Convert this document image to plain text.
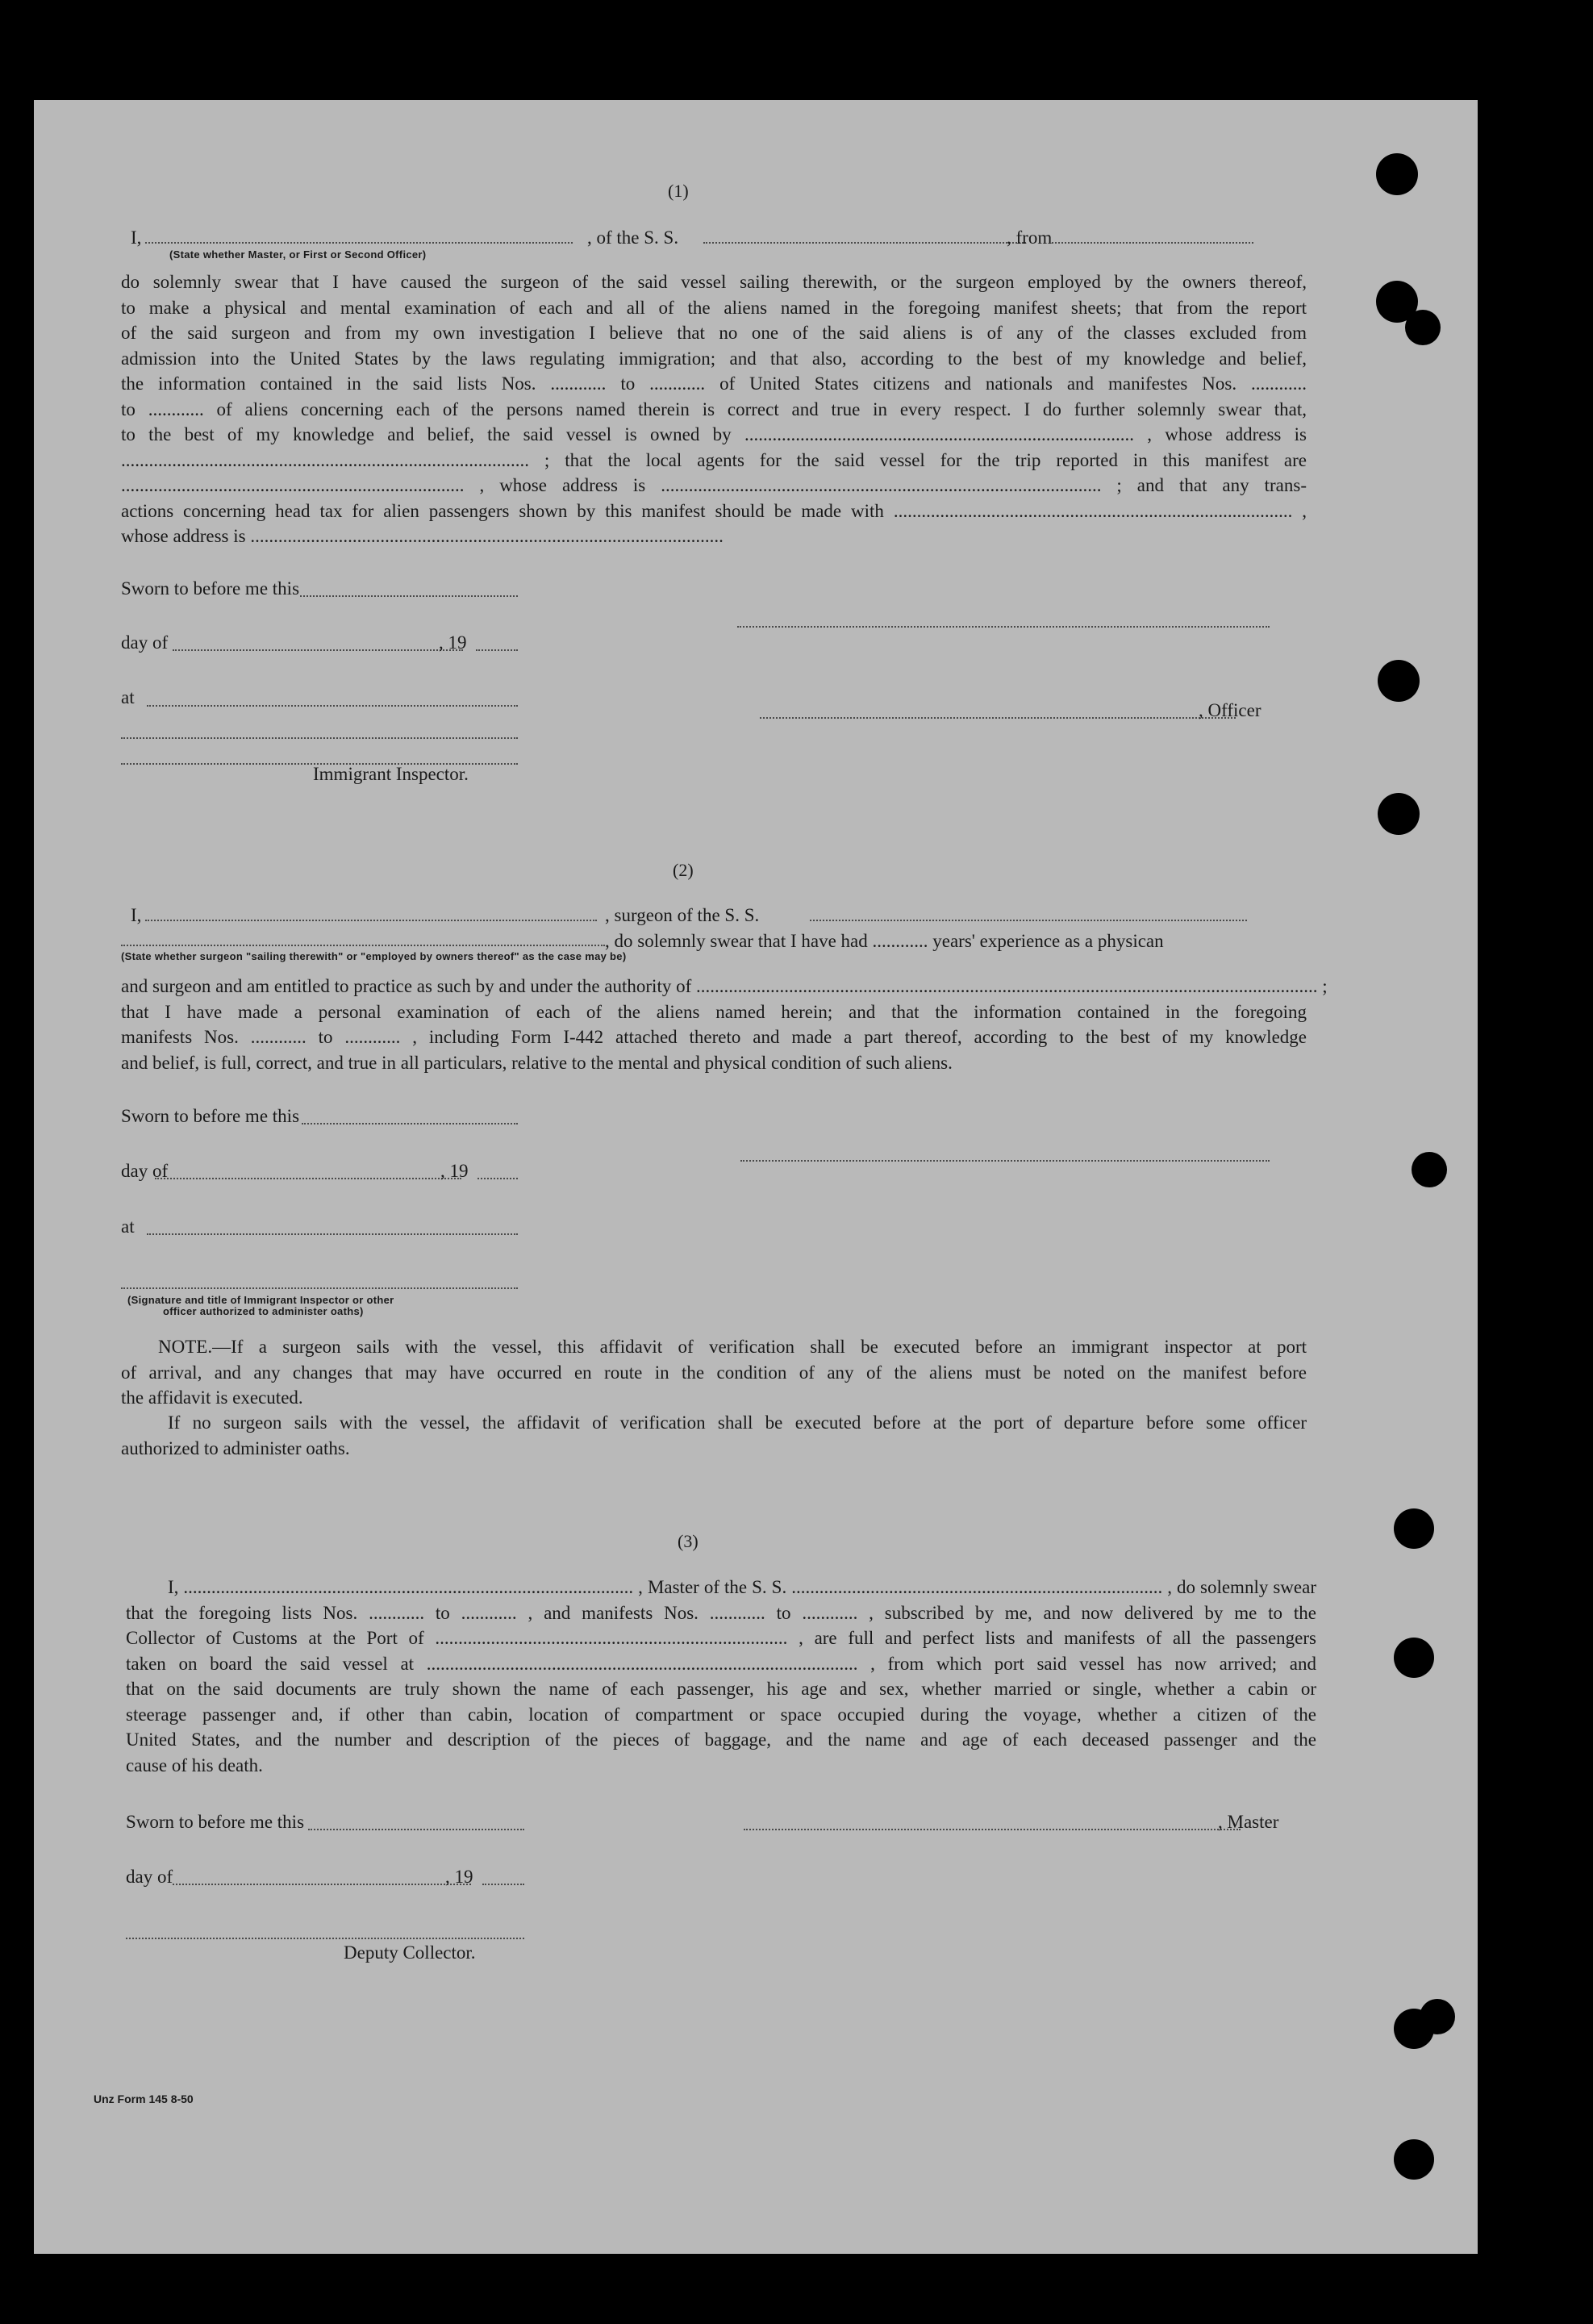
(1)
I,	, of the S. S.	, from
(State whether Master, or First or Second Officer)
do solemnly swear that I have caused the surgeon of the said vessel sailing therewith, or the surgeon employed by the owners thereof,
to make a physical and mental examination of each and all of the aliens named in the foregoing manifest sheets; that from the report
of the said surgeon and from my own investigation I believe that no one of the said aliens is of any of the classes excluded from
admission into the United States by the laws regulating immigration; and that also, according to the best of my knowledge and belief,
the information contained in the said lists Nos. ............ to ............ of United States citizens and nationals and manifestes Nos. ............
to ............ of aliens concerning each of the persons named therein is correct and true in every respect. I do further solemnly swear that,
to the best of my knowledge and belief, the said vessel is owned by .................................................................................... , whose address is
........................................................................................ ; that the local agents for the said vessel for the trip reported in this manifest are
.......................................................................... , whose address is ............................................................................................... ; and that any trans-
actions concerning head tax for alien passengers shown by this manifest should be made with ...................................................................................... ,
whose address is ......................................................................................................
Sworn to before me this
day of	, 19
at
, Officer
Immigrant Inspector.
(2)
I,	, surgeon of the S. S.
, do solemnly swear that I have had ............ years' experience as a physican
(State whether surgeon "sailing therewith" or "employed by owners thereof" as the case may be)
and surgeon and am entitled to practice as such by and under the authority of ...................................................................................................................................... ;
that I have made a personal examination of each of the aliens named herein; and that the information contained in the foregoing
manifests Nos. ............ to ............ , including Form I-442 attached thereto and made a part thereof, according to the best of my knowledge
and belief, is full, correct, and true in all particulars, relative to the mental and physical condition of such aliens.
Sworn to before me this
day of	, 19
at
(Signature and title of Immigrant Inspector or other
officer authorized to administer oaths)
NOTE.—If a surgeon sails with the vessel, this affidavit of verification shall be executed before an immigrant inspector at port
of arrival, and any changes that may have occurred en route in the condition of any of the aliens must be noted on the manifest before
the affidavit is executed.
If no surgeon sails with the vessel, the affidavit of verification shall be executed before at the port of departure before some officer
authorized to administer oaths.
(3)
I, ................................................................................................. , Master of the S. S. ................................................................................ , do solemnly swear
that the foregoing lists Nos. ............ to ............ , and manifests Nos. ............ to ............ , subscribed by me, and now delivered by me to the
Collector of Customs at the Port of ............................................................................ , are full and perfect lists and manifests of all the passengers
taken on board the said vessel at ............................................................................................. , from which port said vessel has now arrived; and
that on the said documents are truly shown the name of each passenger, his age and sex, whether married or single, whether a cabin or
steerage passenger and, if other than cabin, location of compartment or space occupied during the voyage, whether a citizen of the
United States, and the number and description of the pieces of baggage, and the name and age of each deceased passenger and the
cause of his death.
Sworn to before me this	, Master
day of	, 19
Deputy Collector.
Unz Form 145 8-50
